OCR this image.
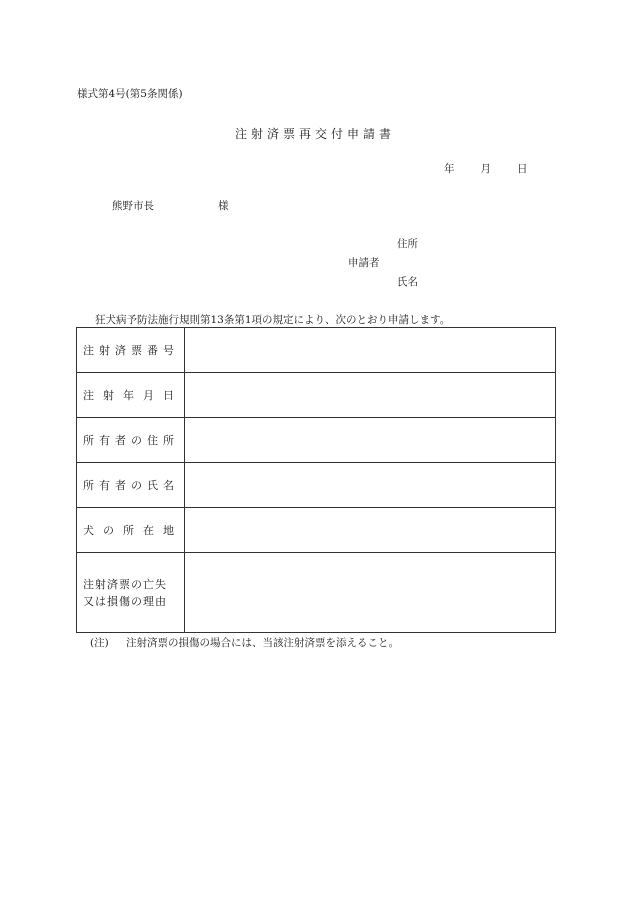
様式第4号(第5条関係)
注射済票再交付申請書
年 月 日
熊野市長	様
住所
申請者
氏名
狂犬病予防法施行規則第13条第1項の規定により、次のとおり申請します。
注射済票番号	
注射年月日	
所有者の住所	
所有者の氏名	
犬の所在地	

注射済票の亡失
又は損傷の理由	

(注) 注射済票の損傷の場合には、当該注射済票を添えること。
